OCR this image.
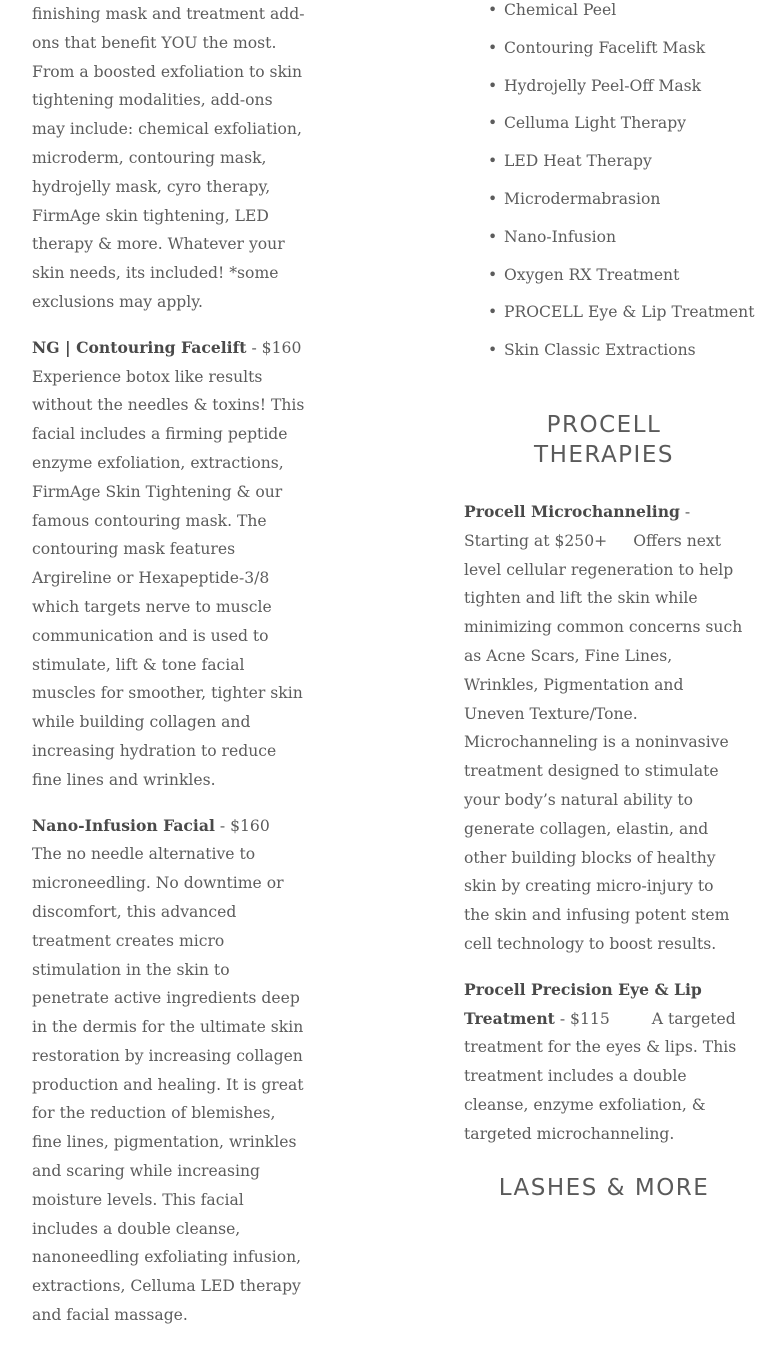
finishing mask and treatment add-ons that benefit YOU the most. From a boosted exfoliation to skin tightening modalities, add-ons may include: chemical exfoliation, microderm, contouring mask, hydrojelly mask, cyro therapy, FirmAge skin tightening, LED therapy & more. Whatever your skin needs, its included! *some exclusions may apply.

NG | Contouring Facelift - $160
Experience botox like results without the needles & toxins! This facial includes a firming peptide enzyme exfoliation, extractions, FirmAge Skin Tightening & our famous contouring mask. The contouring mask features Argireline or Hexapeptide-3/8 which targets nerve to muscle communication and is used to stimulate, lift & tone facial muscles for smoother, tighter skin while building collagen and increasing hydration to reduce fine lines and wrinkles.

Nano-Infusion Facial - $160
The no needle alternative to microneedling. No downtime or discomfort, this advanced treatment creates micro stimulation in the skin to penetrate active ingredients deep in the dermis for the ultimate skin restoration by increasing collagen production and healing. It is great for the reduction of blemishes, fine lines, pigmentation, wrinkles and scaring while increasing moisture levels. This facial includes a double cleanse, nanoneedling exfoliating infusion, extractions, Celluma LED therapy and facial massage.

• Chemical Peel
• Contouring Facelift Mask
• Hydrojelly Peel-Off Mask
• Celluma Light Therapy
• LED Heat Therapy
• Microdermabrasion
• Nano-Infusion
• Oxygen RX Treatment
• PROCELL Eye & Lip Treatment
• Skin Classic Extractions
PROCELL THERAPIES

Procell Microchanneling - Starting at $250+ Offers next level cellular regeneration to help tighten and lift the skin while minimizing common concerns such as Acne Scars, Fine Lines, Wrinkles, Pigmentation and Uneven Texture/Tone. Microchanneling is a noninvasive treatment designed to stimulate your body’s natural ability to generate collagen, elastin, and other building blocks of healthy skin by creating micro-injury to the skin and infusing potent stem cell technology to boost results.

Procell Precision Eye & Lip Treatment - $115	A targeted treatment for the eyes & lips. This treatment includes a double cleanse, enzyme exfoliation, & targeted microchanneling.

LASHES & MORE
